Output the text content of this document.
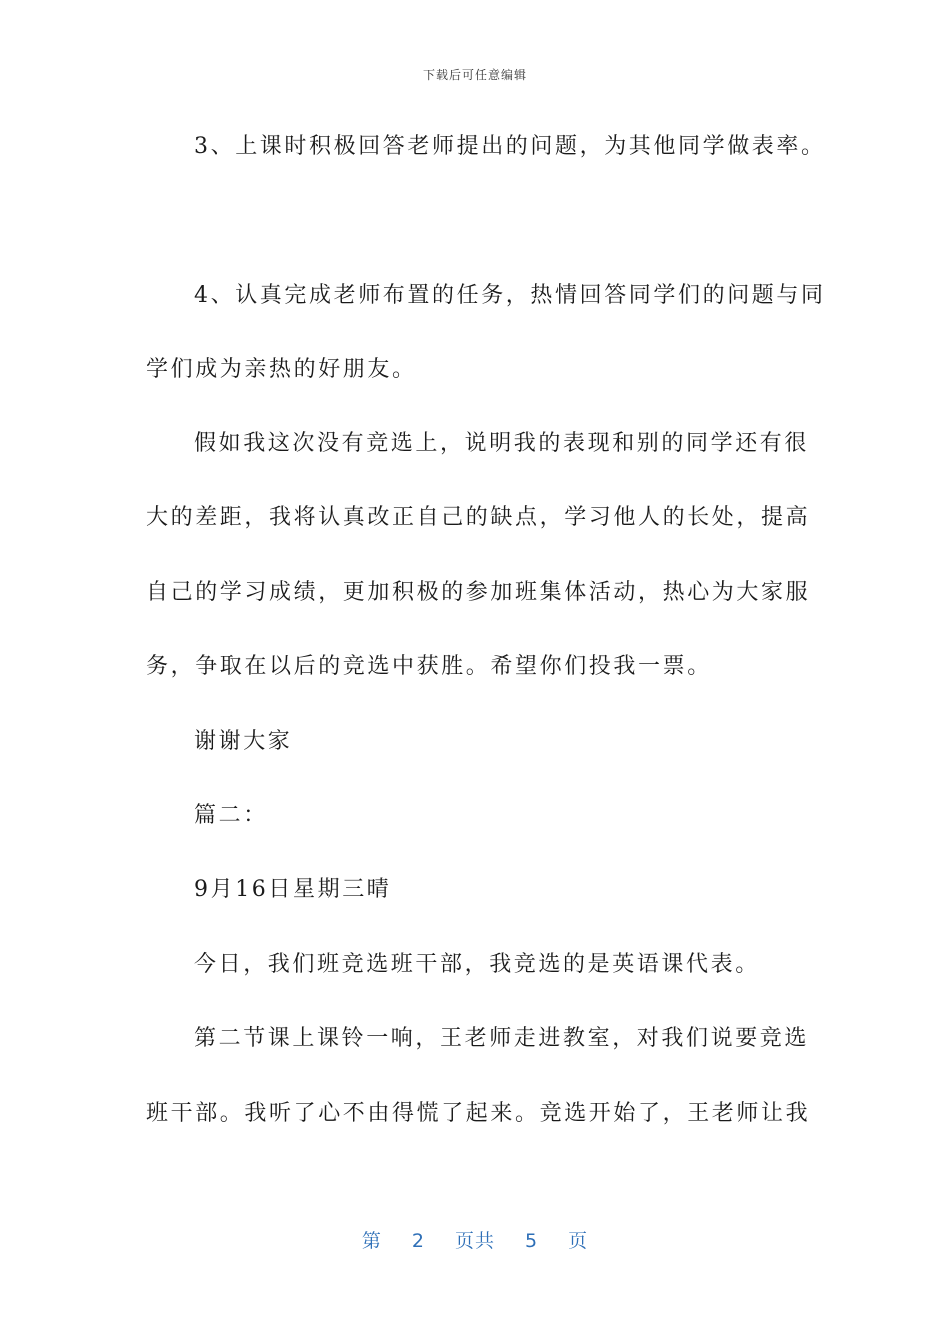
下载后可任意编辑
3、上课时积极回答老师提出的问题，为其他同学做表率。
4、认真完成老师布置的任务，热情回答同学们的问题与同
学们成为亲热的好朋友。
假如我这次没有竞选上，说明我的表现和别的同学还有很
大的差距，我将认真改正自己的缺点，学习他人的长处，提高
自己的学习成绩，更加积极的参加班集体活动，热心为大家服
务，争取在以后的竞选中获胜。希望你们投我一票。
谢谢大家
篇二：
9月16日星期三晴
今日，我们班竞选班干部，我竞选的是英语课代表。
第二节课上课铃一响，王老师走进教室，对我们说要竞选
班干部。我听了心不由得慌了起来。竞选开始了，王老师让我
第 2 页共 5 页
